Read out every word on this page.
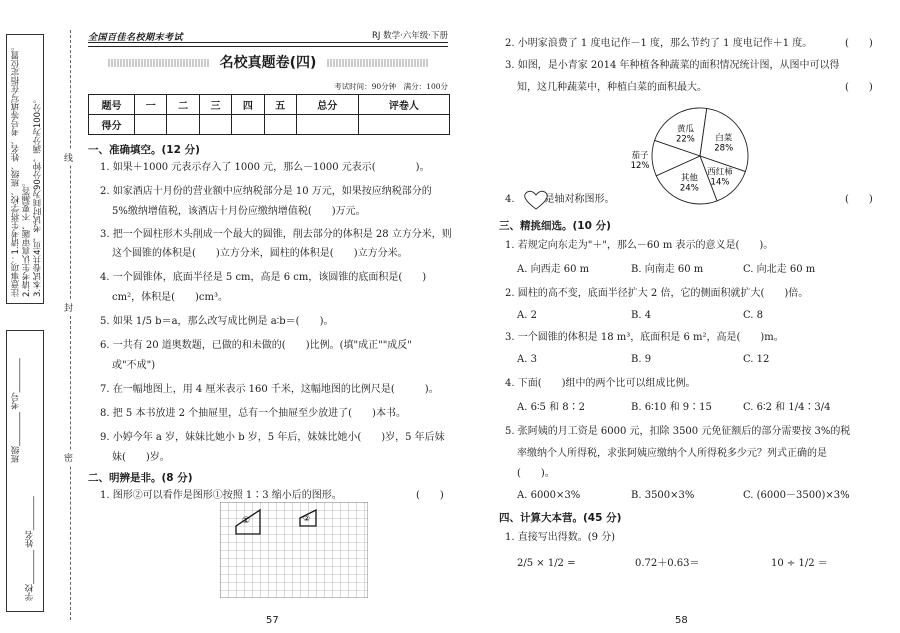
注意事项：1.请考生将学校、班级、姓名、考号等填写在指定位置。
2.请考生认真审题，不要漏答。
3.本试卷共4页，考试时间为90分钟，满分为100分。
班级________ 考号________
学校________ 姓名________
线
封
密
全国百佳名校期末考试	RJ 数学·六年级·下册
名校真题卷(四)
考试时间：90分钟　满分：100分
题号	一	二	三	四	五	总分	评卷人
得分							
一、准确填空。(12 分)
1. 如果＋1000 元表示存入了 1000 元，那么－1000 元表示(　　　　)。
2. 如家酒店十月份的营业额中应纳税部分是 10 万元，如果按应纳税部分的
5%缴纳增值税，该酒店十月份应缴纳增值税(　　)万元。
3. 把一个圆柱形木头削成一个最大的圆锥，削去部分的体积是 28 立方分米，则
这个圆锥的体积是(　　)立方分米，圆柱的体积是(　　)立方分米。
4. 一个圆锥体，底面半径是 5 cm，高是 6 cm，该圆锥的底面积是(　　)
cm²，体积是(　　)cm³。
5. 如果 1/5 b＝a，那么改写成比例是 a∶b＝(　　)。
6. 一共有 20 道奥数题，已做的和未做的(　　)比例。(填"成正""成反"
或"不成")
7. 在一幅地图上，用 4 厘米表示 160 千米，这幅地图的比例尺是(　　　)。
8. 把 5 本书放进 2 个抽屉里，总有一个抽屉至少放进了(　　)本书。
9. 小婷今年 a 岁，妹妹比她小 b 岁，5 年后，妹妹比她小(　　)岁，5 年后妹
妹(　　)岁。
二、明辨是非。(8 分)
1. 图形②可以看作是图形①按照 1∶3 缩小后的图形。	(　　)
①	②
57
2. 小明家浪费了 1 度电记作－1 度，那么节约了 1 度电记作＋1 度。	(　　)
3. 如图，是小青家 2014 年种植各种蔬菜的面积情况统计图，从图中可以得
知，这几种蔬菜中，种植白菜的面积最大。	(　　)
黄瓜
22% 白菜
28%
西红柿
14%
其他
24%
茄子
12%
4.　　　是轴对称图形。	(　　)
三、精挑细选。(10 分)
1. 若规定向东走为"＋"，那么－60 m 表示的意义是(　　)。
A. 向西走 60 m	B. 向南走 60 m	C. 向北走 60 m
2. 圆柱的高不变，底面半径扩大 2 倍，它的侧面积就扩大(　　)倍。
A. 2	B. 4	C. 8
3. 一个圆锥的体积是 18 m³，底面积是 6 m²，高是(　　)m。
A. 3	B. 9	C. 12
4. 下面(　　)组中的两个比可以组成比例。
A. 6∶5 和 8∶2	B. 6∶10 和 9∶15	C. 6∶2 和 1/4∶3/4
5. 张阿姨的月工资是 6000 元，扣除 3500 元免征额后的部分需要按 3%的税
率缴纳个人所得税，求张阿姨应缴纳个人所得税多少元？列式正确的是
(　　)。
A. 6000×3%	B. 3500×3%	C. (6000－3500)×3%
四、计算大本营。(45 分)
1. 直接写出得数。(9 分)
2/5 × 1/2 =	0.72＋0.63＝	10 ÷ 1/2 ＝
58
